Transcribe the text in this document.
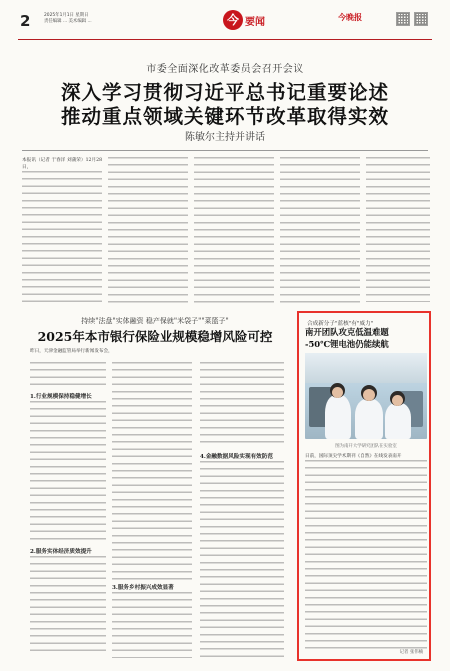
2	2025年1月1日 星期日
责任编辑 ... 美术编辑 ...	今 要闻	今晚报
市委全面深化改革委员会召开会议
深入学习贯彻习近平总书记重要论述
推动重点领域关键环节改革取得实效
陈敏尔主持并讲话
本报讯（记者 于春洋 刘蒲荣）12月28日，
持续"法盘"实体融资 稳产保就"米袋子""菜篮子"
2025年本市银行保险业规模稳增风险可控
昨日，天津金融监管局举行新闻发布会，
1.行业规模保持稳健增长
2.服务实体经济质效提升
3.服务乡村振兴成效显著
4.金融数据风险实现有效防范
合成新分子"蓝核"有"威力"
南开团队攻克低温难题
-50℃锂电池仍能续航
图为南开大学研究团队在实验室
日前，国际顶尖学术期刊《自然》在线发表南开
记者 张伟楠
